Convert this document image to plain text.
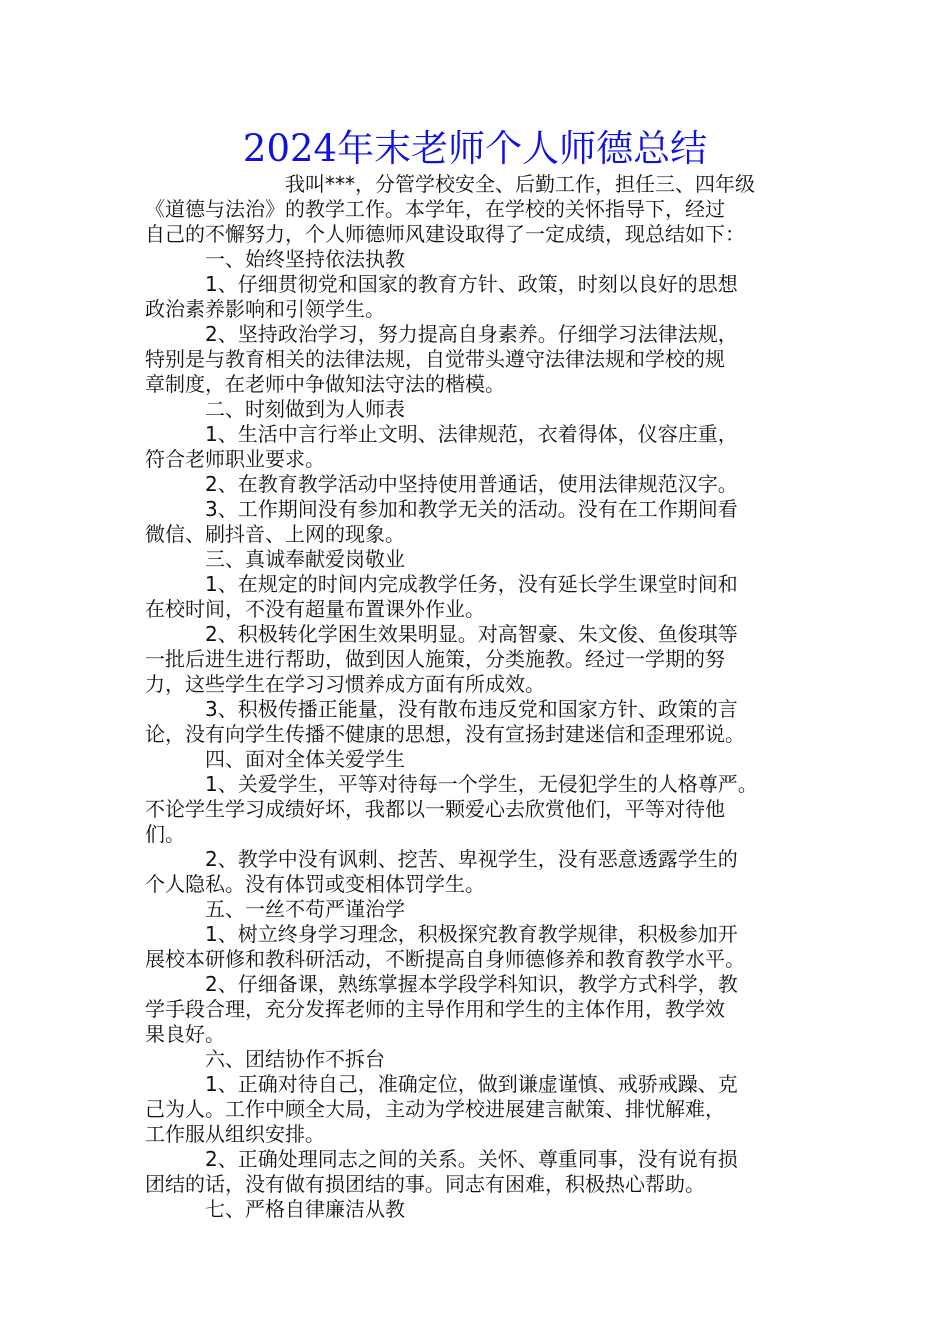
2024年末老师个人师德总结
我叫***，分管学校安全、后勤工作，担任三、四年级
《道德与法治》的教学工作。本学年，在学校的关怀指导下，经过
自己的不懈努力，个人师德师风建设取得了一定成绩，现总结如下：
一、始终坚持依法执教
1、仔细贯彻党和国家的教育方针、政策，时刻以良好的思想
政治素养影响和引领学生。
2、坚持政治学习，努力提高自身素养。仔细学习法律法规，
特别是与教育相关的法律法规，自觉带头遵守法律法规和学校的规
章制度，在老师中争做知法守法的楷模。
二、时刻做到为人师表
1、生活中言行举止文明、法律规范，衣着得体，仪容庄重，
符合老师职业要求。
2、在教育教学活动中坚持使用普通话，使用法律规范汉字。
3、工作期间没有参加和教学无关的活动。没有在工作期间看
微信、刷抖音、上网的现象。
三、真诚奉献爱岗敬业
1、在规定的时间内完成教学任务，没有延长学生课堂时间和
在校时间，不没有超量布置课外作业。
2、积极转化学困生效果明显。对高智豪、朱文俊、鱼俊琪等
一批后进生进行帮助，做到因人施策，分类施教。经过一学期的努
力，这些学生在学习习惯养成方面有所成效。
3、积极传播正能量，没有散布违反党和国家方针、政策的言
论，没有向学生传播不健康的思想，没有宣扬封建迷信和歪理邪说。
四、面对全体关爱学生
1、关爱学生，平等对待每一个学生，无侵犯学生的人格尊严。
不论学生学习成绩好坏，我都以一颗爱心去欣赏他们，平等对待他
们。
2、教学中没有讽刺、挖苦、卑视学生，没有恶意透露学生的
个人隐私。没有体罚或变相体罚学生。
五、一丝不苟严谨治学
1、树立终身学习理念，积极探究教育教学规律，积极参加开
展校本研修和教科研活动，不断提高自身师德修养和教育教学水平。
2、仔细备课，熟练掌握本学段学科知识，教学方式科学，教
学手段合理，充分发挥老师的主导作用和学生的主体作用，教学效
果良好。
六、团结协作不拆台
1、正确对待自己，准确定位，做到谦虚谨慎、戒骄戒躁、克
己为人。工作中顾全大局，主动为学校进展建言献策、排忧解难，
工作服从组织安排。
2、正确处理同志之间的关系。关怀、尊重同事，没有说有损
团结的话，没有做有损团结的事。同志有困难，积极热心帮助。
七、严格自律廉洁从教
